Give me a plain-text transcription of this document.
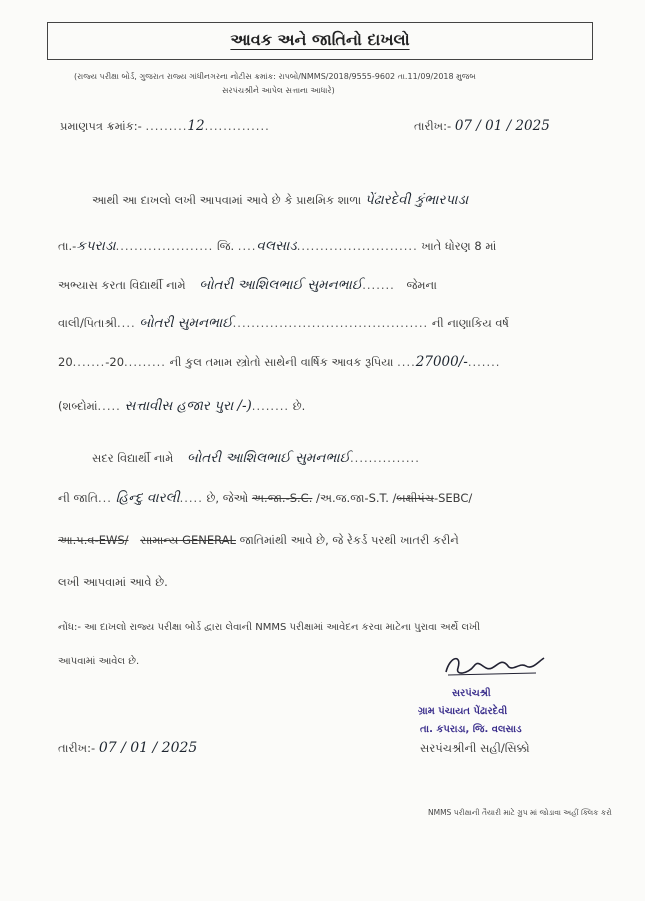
આવક અને જાતિનો દાખલો
(રાજ્ય પરીક્ષા બોર્ડ, ગુજરાત રાજ્ય ગાંધીનગરના નોટીસ ક્રમાંક: રાપબો/NMMS/2018/9555-9602 તા.11/09/2018 મુજબ
સરપંચશ્રીને આપેલ સત્તાના આધારે)
પ્રમાણપત્ર ક્રમાંક:- .........12..............	તારીખ:- 07 / 01 / 2025
આથી આ દાખલો લખી આપવામાં આવે છે કે પ્રાથમિક શાળા પેંઢારદેવી કુંભારપાડા
તા.-કપરાડા..................... જિ. ....વલસાડ.......................... ખાતે ધોરણ 8 માં
અભ્યાસ કરતા વિદ્યાર્થી નામે બોતરી આશિલભાઈ સુમનભાઈ....... જેમના
વાલી/પિતાશ્રી.... બોતરી સુમનભાઈ.......................................... ની નાણાકિય વર્ષ
20.......-20......... ની કુલ તમામ સ્ત્રોતો સાથેની વાર્ષિક આવક રૂપિયા ....27000/-.......
(શબ્દોમાં..... સત્તાવીસ હજાર પુરા /-)........ છે.
સદર વિદ્યાર્થી નામે બોતરી આશિલભાઈ સુમનભાઈ...............
ની જાતિ... હિન્દુ વારલી..... છે, જેઓ અ.જા.-S.C. /અ.જ.જા-S.T. /બક્ષીપંચ-SEBC/
આ.પ.વ-EWS/ સામાન્ય GENERAL જાતિમાંથી આવે છે, જે રેકર્ડ પરથી ખાતરી કરીને
લખી આપવામાં આવે છે.
નોંધ:- આ દાખલો રાજ્ય પરીક્ષા બોર્ડ દ્વારા લેવાની NMMS પરીક્ષામાં આવેદન કરવા માટેના પુરાવા અર્થે લખી
આપવામાં આવેલ છે.
સરપંચશ્રી
ગ્રામ પંચાયત પેંઢારદેવી
તા. કપરાડા, જિ. વલસાડ
સરપંચશ્રીની સહી/સિક્કો
તારીખ:- 07 / 01 / 2025
NMMS પરીક્ષાની તૈયારી માટે ગ્રુપ માં જોડાવા અહીં ક્લિક કરો
